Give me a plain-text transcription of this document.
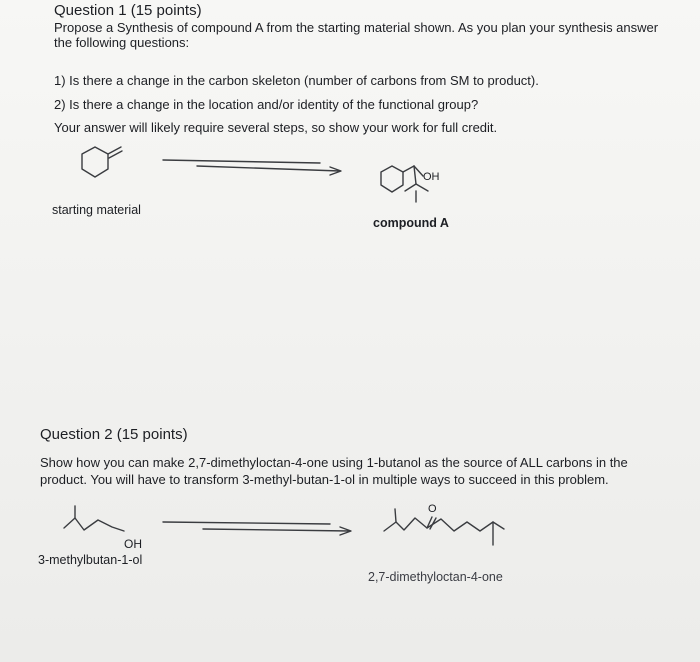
Question 1 (15 points)
Propose a Synthesis of compound A from the starting material shown. As you plan your synthesis answer
the following questions:
1) Is there a change in the carbon skeleton (number of carbons from SM to product).
2) Is there a change in the location and/or identity of the functional group?
Your answer will likely require several steps, so show your work for full credit.
starting material
compound A
OH
Question 2 (15 points)
Show how you can make 2,7-dimethyloctan-4-one using 1-butanol as the source of ALL carbons in the
product. You will have to transform 3-methyl-butan-1-ol in multiple ways to succeed in this problem.
OH
3-methylbutan-1-ol
O
2,7-dimethyloctan-4-one
